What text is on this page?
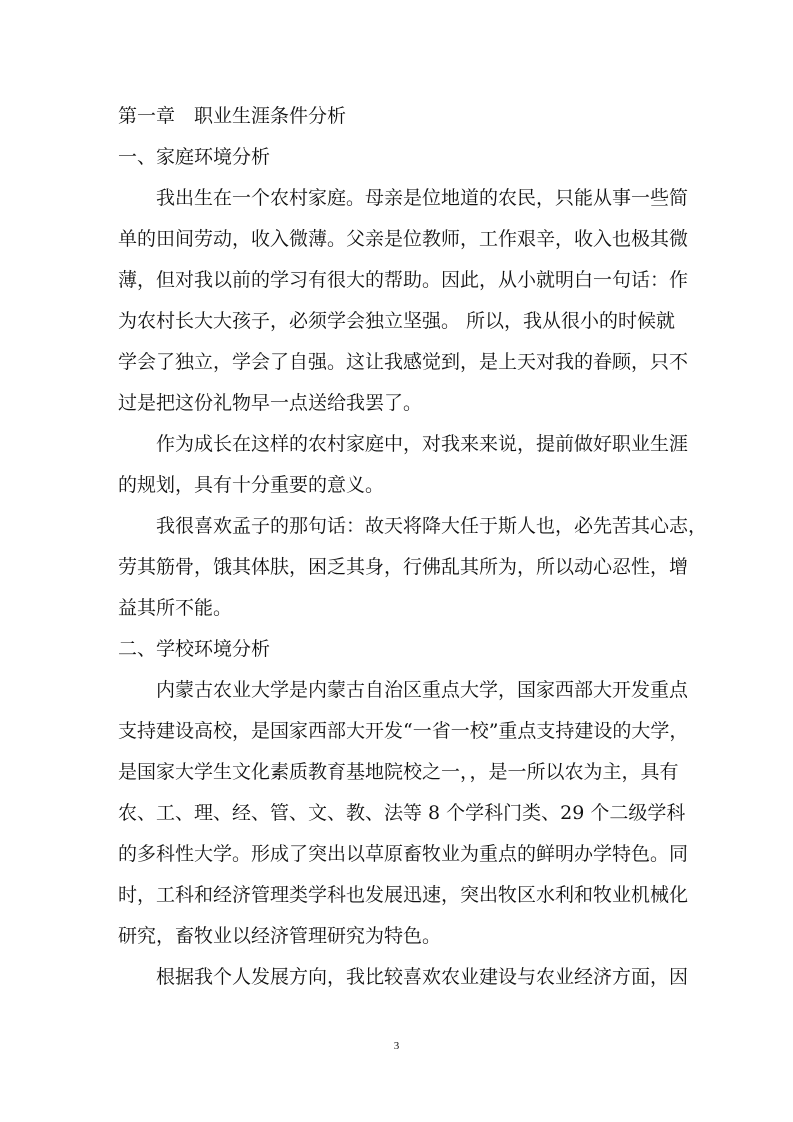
第一章　职业生涯条件分析
一、家庭环境分析
我出生在一个农村家庭。母亲是位地道的农民，只能从事一些简
单的田间劳动，收入微薄。父亲是位教师，工作艰辛，收入也极其微
薄，但对我以前的学习有很大的帮助。因此，从小就明白一句话：作
为农村长大大孩子，必须学会独立坚强。 所以，我从很小的时候就
学会了独立，学会了自强。这让我感觉到，是上天对我的眷顾，只不
过是把这份礼物早一点送给我罢了。
作为成长在这样的农村家庭中，对我来来说，提前做好职业生涯
的规划，具有十分重要的意义。
我很喜欢孟子的那句话：故天将降大任于斯人也，必先苦其心志，
劳其筋骨，饿其体肤，困乏其身，行佛乱其所为，所以动心忍性，增
益其所不能。
二、学校环境分析
内蒙古农业大学是内蒙古自治区重点大学，国家西部大开发重点
支持建设高校，是国家西部大开发“一省一校”重点支持建设的大学，
是国家大学生文化素质教育基地院校之一，，是一所以农为主，具有
农、工、理、经、管、文、教、法等 8 个学科门类、29 个二级学科
的多科性大学。形成了突出以草原畜牧业为重点的鲜明办学特色。同
时，工科和经济管理类学科也发展迅速，突出牧区水利和牧业机械化
研究，畜牧业以经济管理研究为特色。
根据我个人发展方向，我比较喜欢农业建设与农业经济方面，因
3
